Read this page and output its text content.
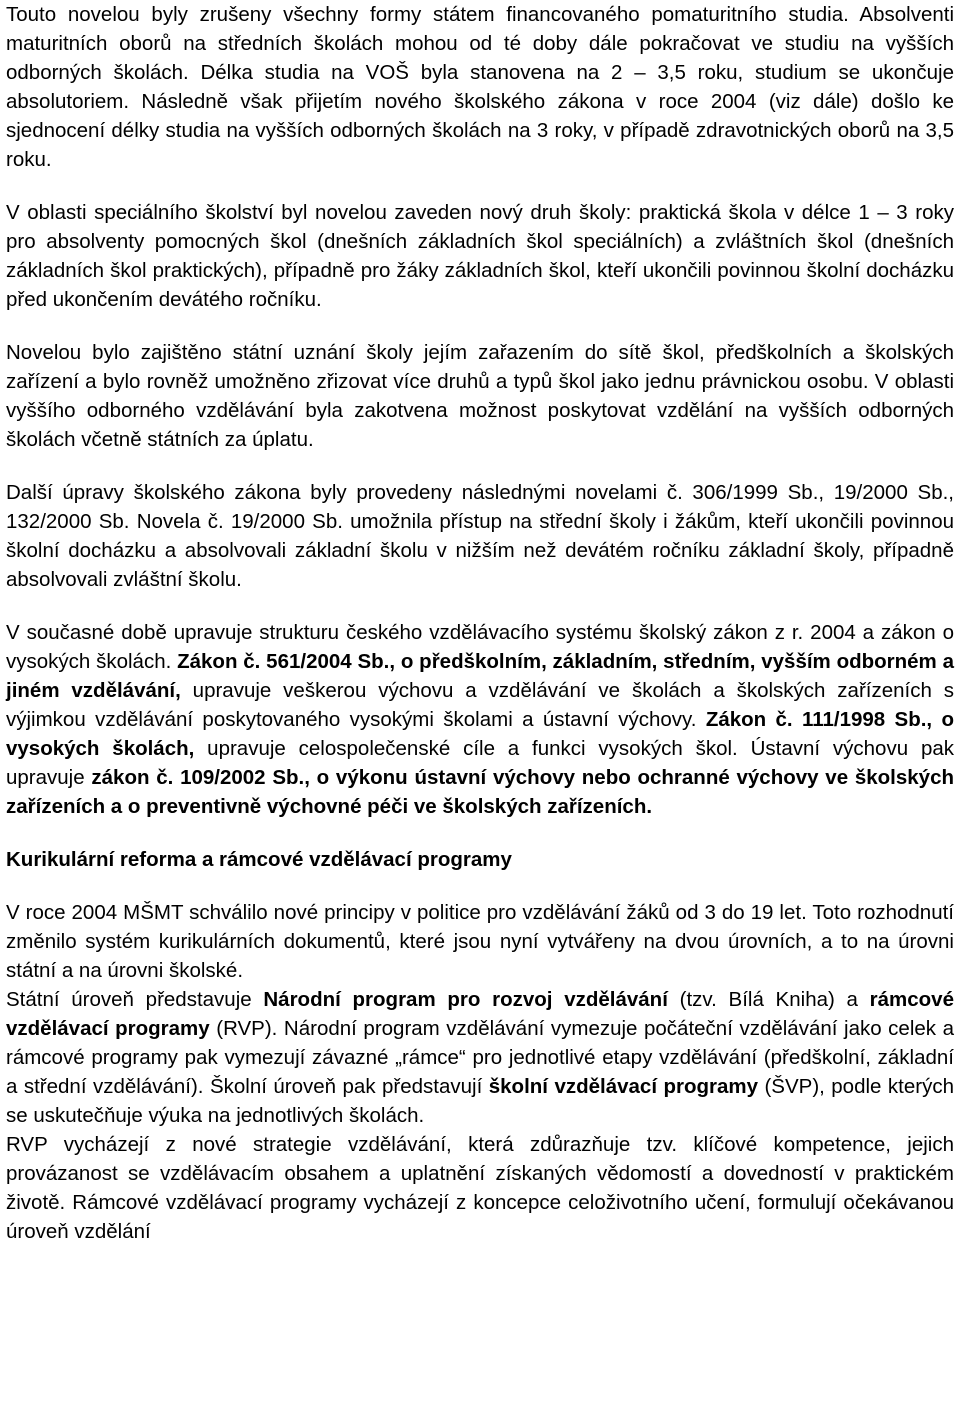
Touto novelou byly zrušeny všechny formy státem financovaného pomaturitního studia. Absolventi maturitních oborů na středních školách mohou od té doby dále pokračovat ve studiu na vyšších odborných školách. Délka studia na VOŠ byla stanovena na 2 – 3,5 roku, studium se ukončuje absolutoriem. Následně však přijetím nového školského zákona v roce 2004 (viz dále) došlo ke sjednocení délky studia na vyšších odborných školách na 3 roky, v případě zdravotnických oborů na 3,5 roku.

V oblasti speciálního školství byl novelou zaveden nový druh školy: praktická škola v délce 1 – 3 roky pro absolventy pomocných škol (dnešních základních škol speciálních) a zvláštních škol (dnešních základních škol praktických), případně pro žáky základních škol, kteří ukončili povinnou školní docházku před ukončením devátého ročníku.

Novelou bylo zajištěno státní uznání školy jejím zařazením do sítě škol, předškolních a školských zařízení a bylo rovněž umožněno zřizovat více druhů a typů škol jako jednu právnickou osobu. V oblasti vyššího odborného vzdělávání byla zakotvena možnost poskytovat vzdělání na vyšších odborných školách včetně státních za úplatu.

Další úpravy školského zákona byly provedeny následnými novelami č. 306/1999 Sb., 19/2000 Sb., 132/2000 Sb. Novela č. 19/2000 Sb. umožnila přístup na střední školy i žákům, kteří ukončili povinnou školní docházku a absolvovali základní školu v nižším než devátém ročníku základní školy, případně absolvovali zvláštní školu.

V současné době upravuje strukturu českého vzdělávacího systému školský zákon z r. 2004 a zákon o vysokých školách. Zákon č. 561/2004 Sb., o předškolním, základním, středním, vyšším odborném a jiném vzdělávání, upravuje veškerou výchovu a vzdělávání ve školách a školských zařízeních s výjimkou vzdělávání poskytovaného vysokými školami a ústavní výchovy. Zákon č. 111/1998 Sb., o vysokých školách, upravuje celospolečenské cíle a funkci vysokých škol. Ústavní výchovu pak upravuje zákon č. 109/2002 Sb., o výkonu ústavní výchovy nebo ochranné výchovy ve školských zařízeních a o preventivně výchovné péči ve školských zařízeních.

Kurikulární reforma a rámcové vzdělávací programy

V roce 2004 MŠMT schválilo nové principy v politice pro vzdělávání žáků od 3 do 19 let. Toto rozhodnutí změnilo systém kurikulárních dokumentů, které jsou nyní vytvářeny na dvou úrovních, a to na úrovni státní a na úrovni školské.

Státní úroveň představuje Národní program pro rozvoj vzdělávání (tzv. Bílá Kniha) a rámcové vzdělávací programy (RVP). Národní program vzdělávání vymezuje počáteční vzdělávání jako celek a rámcové programy pak vymezují závazné „rámce“ pro jednotlivé etapy vzdělávání (předškolní, základní a střední vzdělávání). Školní úroveň pak představují školní vzdělávací programy (ŠVP), podle kterých se uskutečňuje výuka na jednotlivých školách.

RVP vycházejí z nové strategie vzdělávání, která zdůrazňuje tzv. klíčové kompetence, jejich provázanost se vzdělávacím obsahem a uplatnění získaných vědomostí a dovedností v praktickém životě. Rámcové vzdělávací programy vycházejí z koncepce celoživotního učení, formulují očekávanou úroveň vzdělání
